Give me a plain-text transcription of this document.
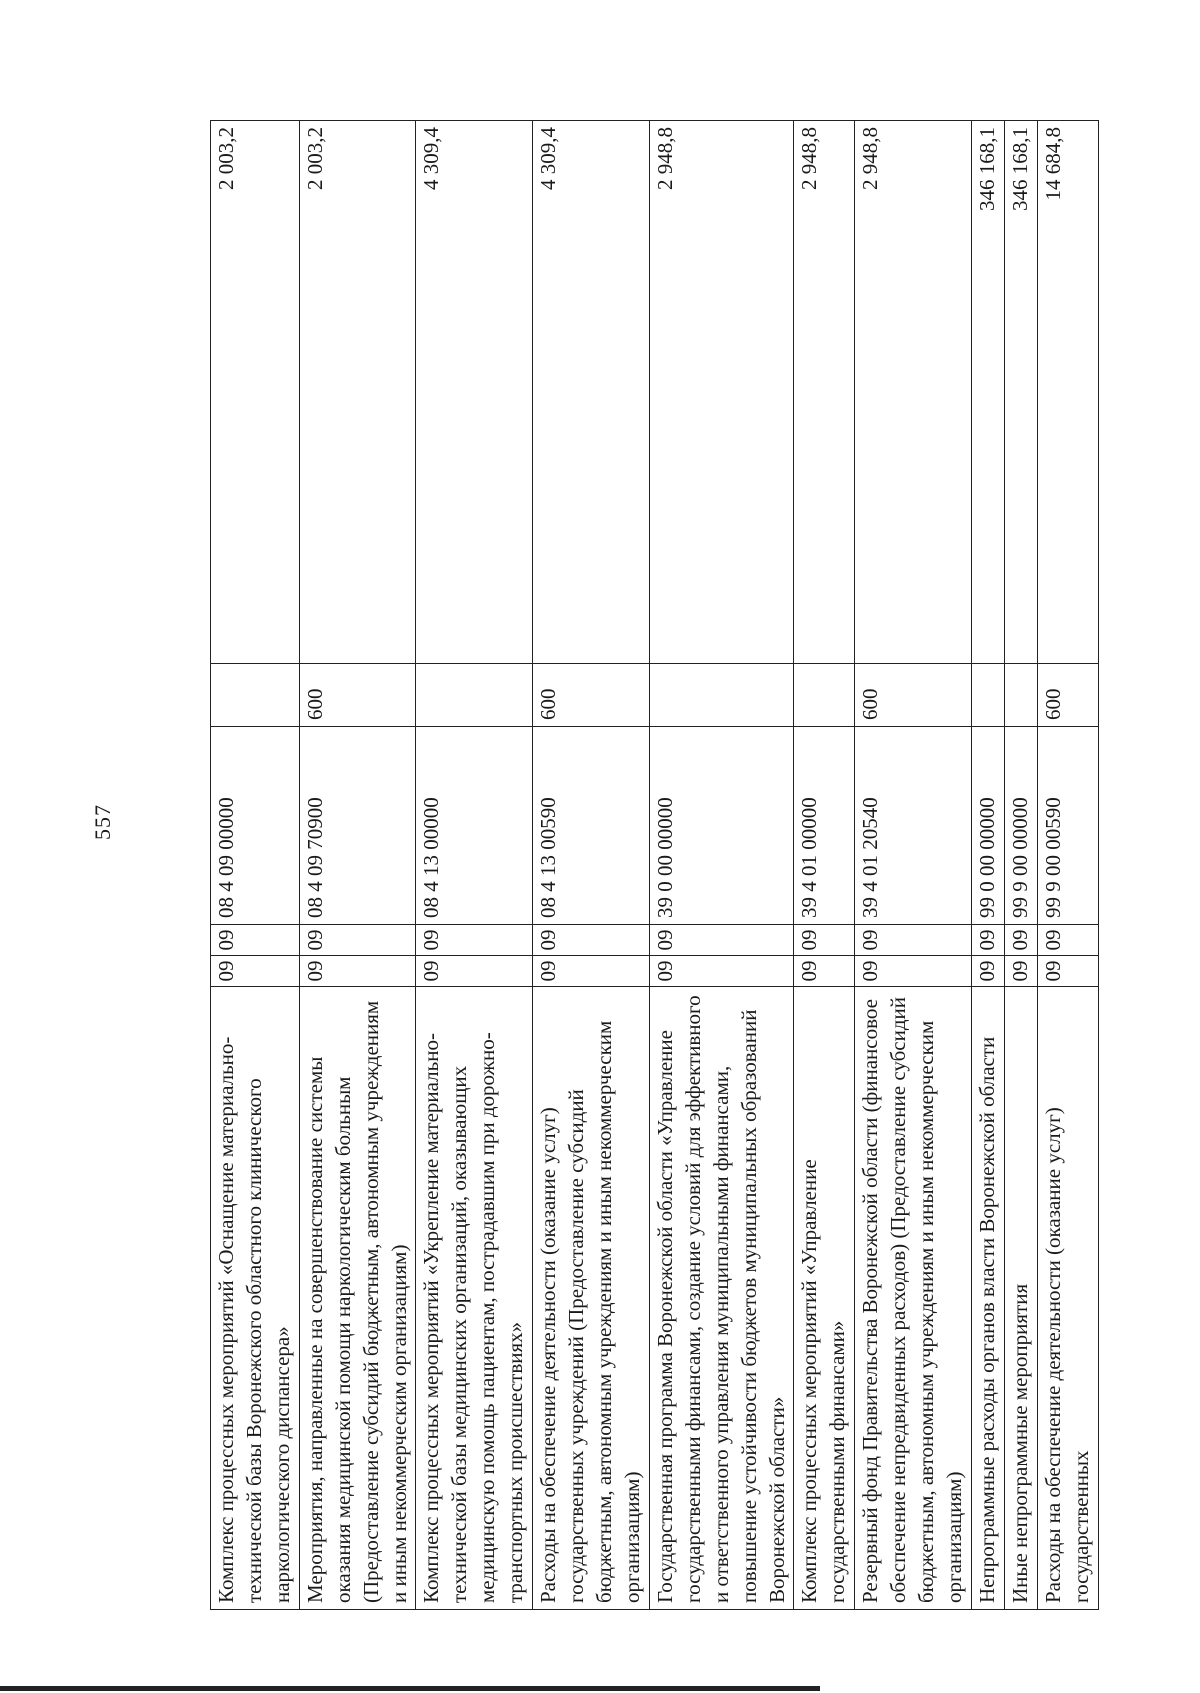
557
Комплекс процессных мероприятий «Оснащение материально-технической базы Воронежского областного клинического наркологического диспансера»	09	09	08 4 09 00000		2 003,2
Мероприятия, направленные на совершенствование системы оказания медицинской помощи наркологическим больным (Предоставление субсидий бюджетным, автономным учреждениям и иным некоммерческим организациям)	09	09	08 4 09 70900	600	2 003,2
Комплекс процессных мероприятий «Укрепление материально-технической базы медицинских организаций, оказывающих медицинскую помощь пациентам, пострадавшим при дорожно-транспортных происшествиях»	09	09	08 4 13 00000		4 309,4
Расходы на обеспечение деятельности (оказание услуг) государственных учреждений (Предоставление субсидий бюджетным, автономным учреждениям и иным некоммерческим организациям)	09	09	08 4 13 00590	600	4 309,4
Государственная программа Воронежской области «Управление государственными финансами, создание условий для эффективного и ответственного управления муниципальными финансами, повышение устойчивости бюджетов муниципальных образований Воронежской области»	09	09	39 0 00 00000		2 948,8
Комплекс процессных мероприятий «Управление государственными финансами»	09	09	39 4 01 00000		2 948,8
Резервный фонд Правительства Воронежской области (финансовое обеспечение непредвиденных расходов) (Предоставление субсидий бюджетным, автономным учреждениям и иным некоммерческим организациям)	09	09	39 4 01 20540	600	2 948,8
Непрограммные расходы органов власти Воронежской области	09	09	99 0 00 00000		346 168,1
Иные непрограммные мероприятия	09	09	99 9 00 00000		346 168,1
Расходы на обеспечение деятельности (оказание услуг) государственных	09	09	99 9 00 00590	600	14 684,8
